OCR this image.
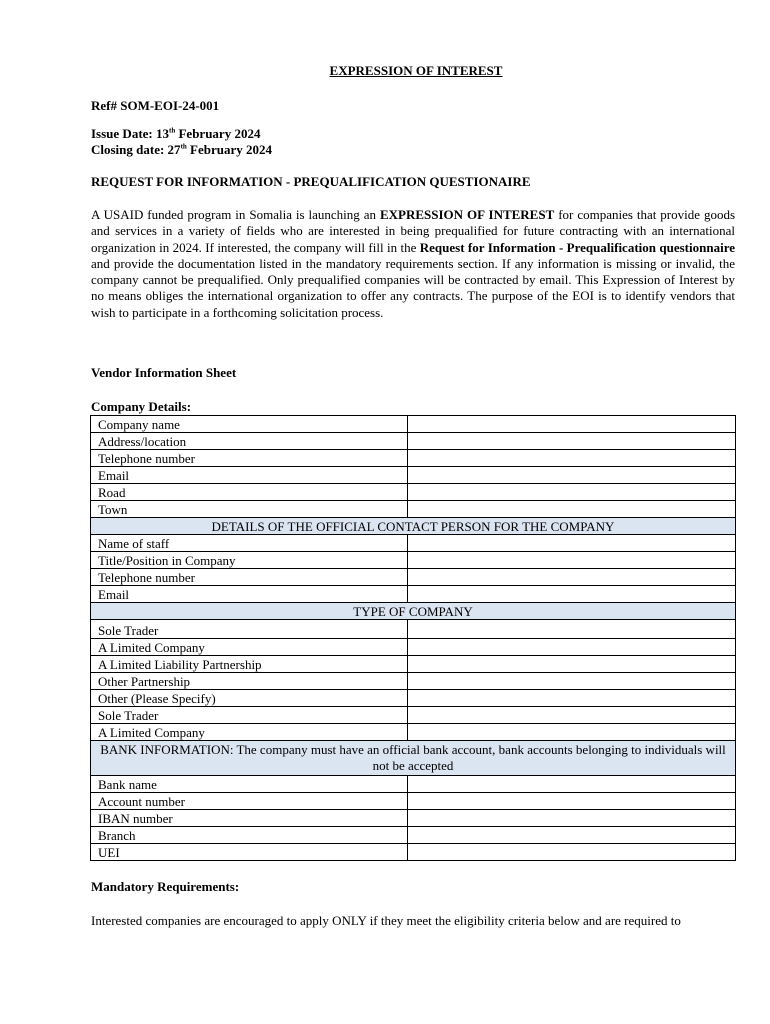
EXPRESSION OF INTEREST
Ref# SOM-EOI-24-001
Issue Date: 13th February 2024
Closing date: 27th February 2024
REQUEST FOR INFORMATION - PREQUALIFICATION QUESTIONAIRE
A USAID funded program in Somalia is launching an EXPRESSION OF INTEREST for companies that provide goods and services in a variety of fields who are interested in being prequalified for future contracting with an international organization in 2024. If interested, the company will fill in the Request for Information - Prequalification questionnaire and provide the documentation listed in the mandatory requirements section. If any information is missing or invalid, the company cannot be prequalified. Only prequalified companies will be contracted by email. This Expression of Interest by no means obliges the international organization to offer any contracts. The purpose of the EOI is to identify vendors that wish to participate in a forthcoming solicitation process.
Vendor Information Sheet
Company Details:
Company name	
Address/location	
Telephone number	
Email	
Road	
Town	
DETAILS OF THE OFFICIAL CONTACT PERSON FOR THE COMPANY	
Name of staff	
Title/Position in Company	
Telephone number	
Email	
TYPE OF COMPANY	
Sole Trader	
A Limited Company	
A Limited Liability Partnership	
Other Partnership	
Other (Please Specify)	
Sole Trader	
A Limited Company	
BANK INFORMATION: The company must have an official bank account, bank accounts belonging to individuals will not be accepted	
Bank name	
Account number	
IBAN number	
Branch	
UEI	
Mandatory Requirements:
Interested companies are encouraged to apply ONLY if they meet the eligibility criteria below and are required to
